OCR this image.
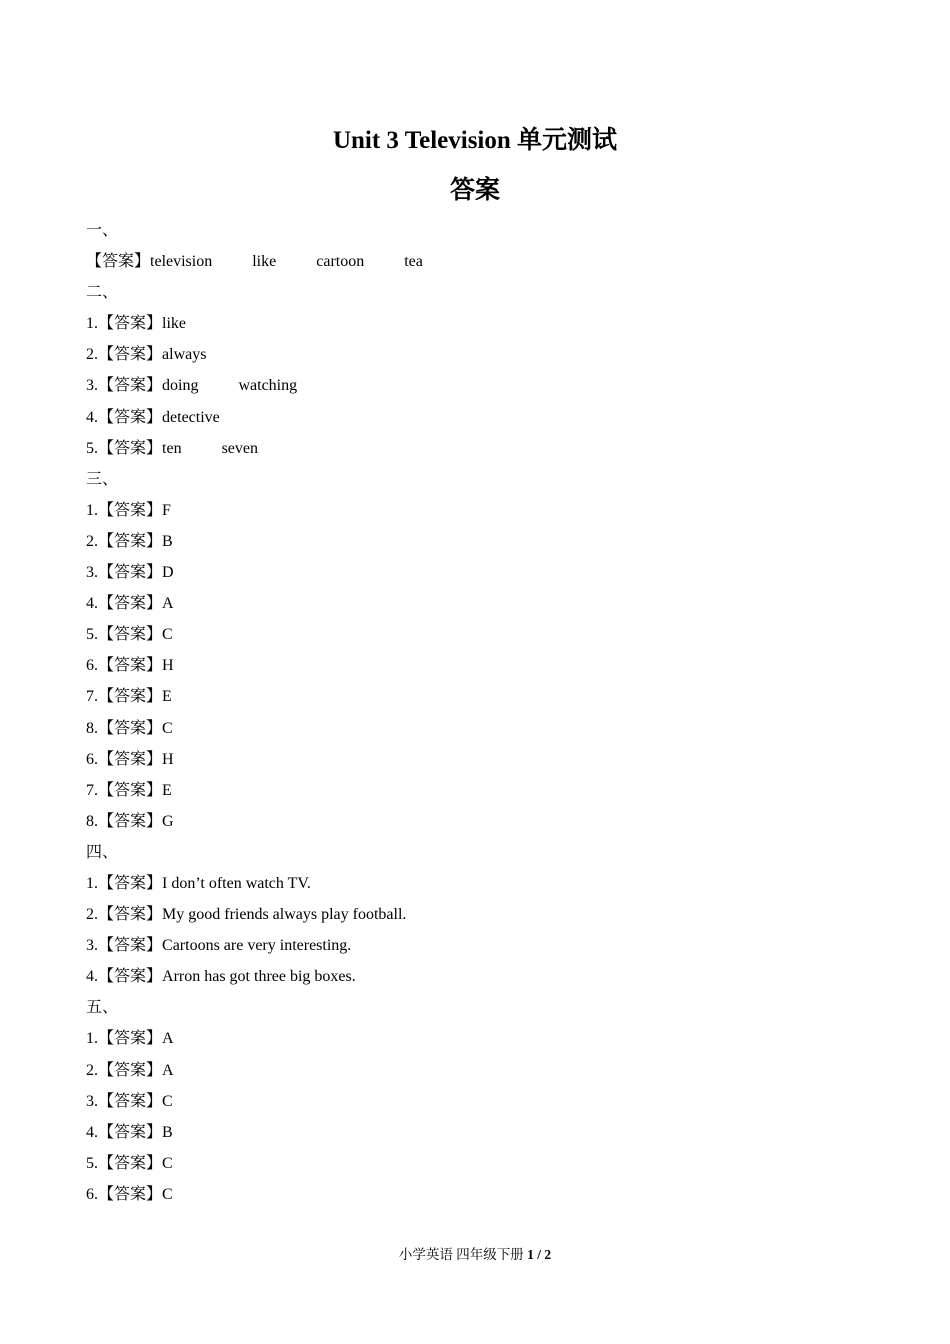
Unit 3 Television 单元测试
答案
一、
【答案】television	like	cartoon	tea
二、
1.【答案】like
2.【答案】always
3.【答案】doing	watching
4.【答案】detective
5.【答案】ten	seven
三、
1.【答案】F
2.【答案】B
3.【答案】D
4.【答案】A
5.【答案】C
6.【答案】H
7.【答案】E
8.【答案】C
6.【答案】H
7.【答案】E
8.【答案】G
四、
1.【答案】I don’t often watch TV.
2.【答案】My good friends always play football.
3.【答案】Cartoons are very interesting.
4.【答案】Arron has got three big boxes.
五、
1.【答案】A
2.【答案】A
3.【答案】C
4.【答案】B
5.【答案】C
6.【答案】C
小学英语 四年级下册 1 / 2
